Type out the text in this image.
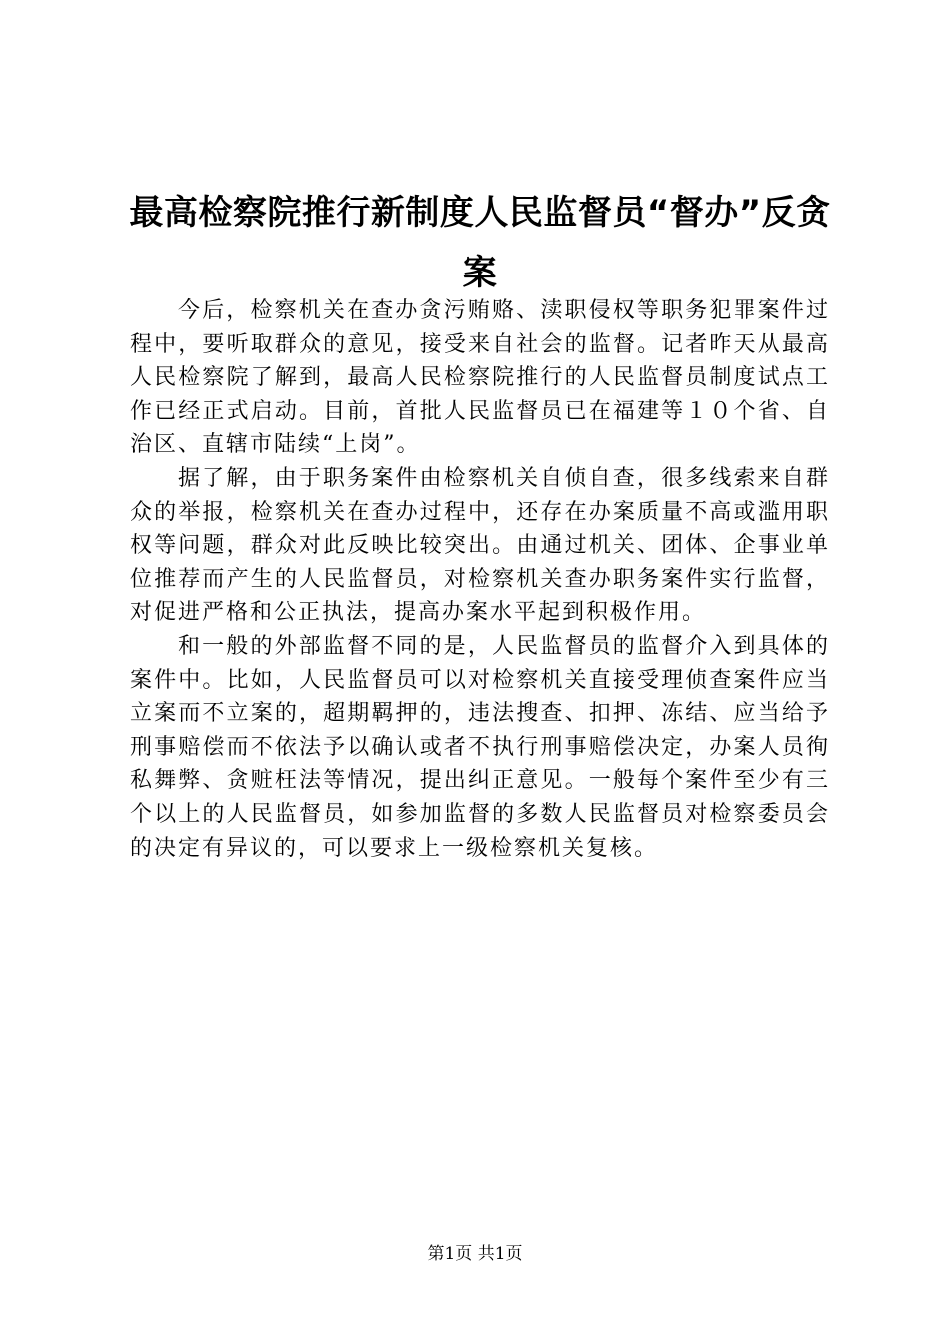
最高检察院推行新制度人民监督员“督办”反贪案

今后，检察机关在查办贪污贿赂、渎职侵权等职务犯罪案件过程中，要听取群众的意见，接受来自社会的监督。记者昨天从最高人民检察院了解到，最高人民检察院推行的人民监督员制度试点工作已经正式启动。目前，首批人民监督员已在福建等１０个省、自治区、直辖市陆续“上岗”。

据了解，由于职务案件由检察机关自侦自查，很多线索来自群众的举报，检察机关在查办过程中，还存在办案质量不高或滥用职权等问题，群众对此反映比较突出。由通过机关、团体、企事业单位推荐而产生的人民监督员，对检察机关查办职务案件实行监督，对促进严格和公正执法，提高办案水平起到积极作用。

和一般的外部监督不同的是，人民监督员的监督介入到具体的案件中。比如，人民监督员可以对检察机关直接受理侦查案件应当立案而不立案的，超期羁押的，违法搜查、扣押、冻结、应当给予刑事赔偿而不依法予以确认或者不执行刑事赔偿决定，办案人员徇私舞弊、贪赃枉法等情况，提出纠正意见。一般每个案件至少有三个以上的人民监督员，如参加监督的多数人民监督员对检察委员会的决定有异议的，可以要求上一级检察机关复核。

第1页 共1页
